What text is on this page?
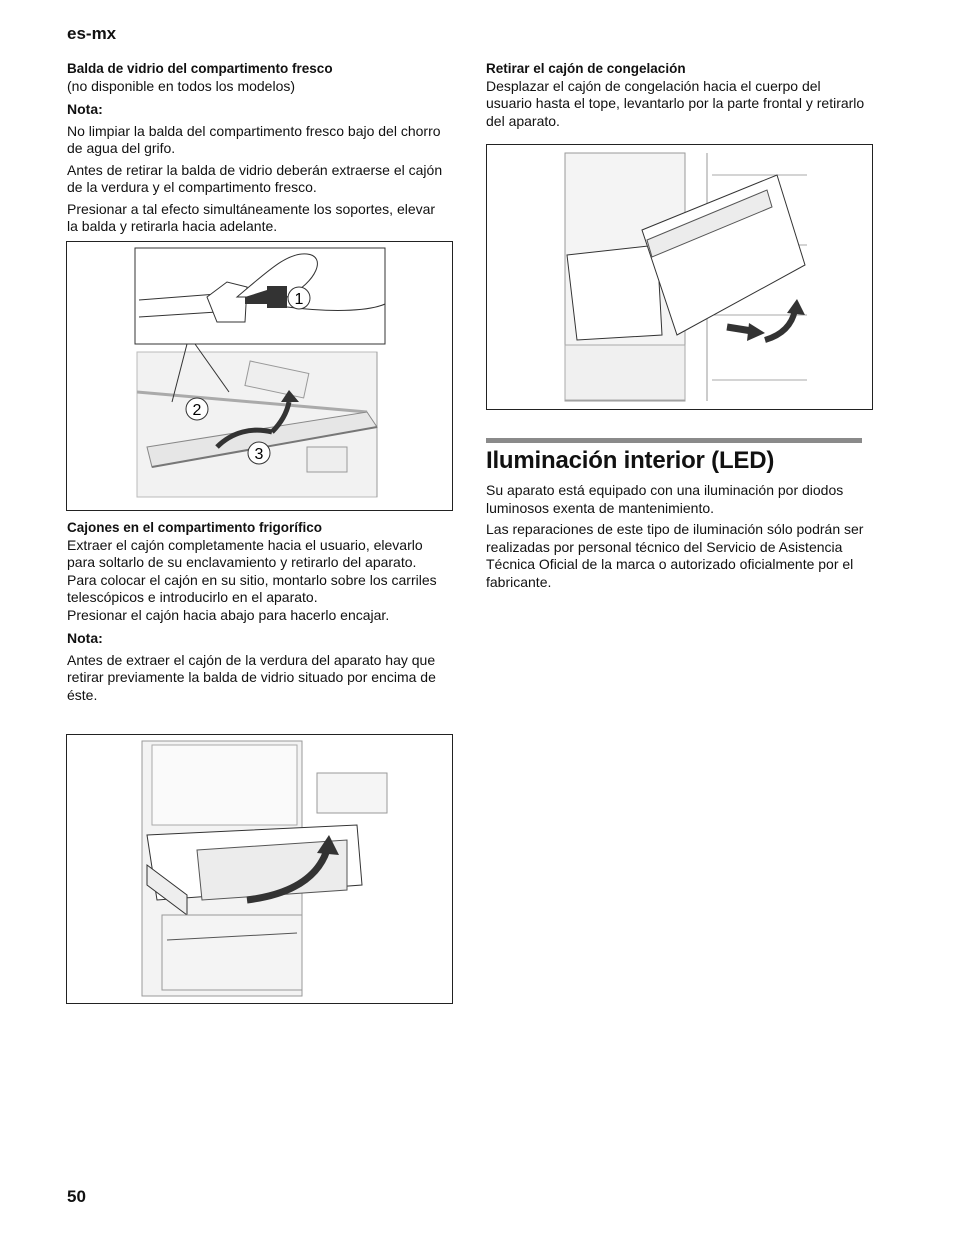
es-mx
Balda de vidrio del compartimento fresco

(no disponible en todos los modelos)

Nota:

No limpiar la balda del compartimento fresco bajo del chorro de agua del grifo.

Antes de retirar la balda de vidrio deberán extraerse el cajón de la verdura y el compartimento fresco.

Presionar a tal efecto simultáneamente los soportes, elevar la balda y retirarla hacia adelante.

1
2
3
Cajones en el compartimento frigorífico

Extraer el cajón completamente hacia el usuario, elevarlo para soltarlo de su enclavamiento y retirarlo del aparato.

Para colocar el cajón en su sitio, montarlo sobre los carriles telescópicos e introducirlo en el aparato.

Presionar el cajón hacia abajo para hacerlo encajar.

Nota:

Antes de extraer el cajón de la verdura del aparato hay que retirar previamente la balda de vidrio situado por encima de éste.

Retirar el cajón de congelación

Desplazar el cajón de congelación hacia el cuerpo del usuario hasta el tope, levantarlo por la parte frontal y retirarlo del aparato.

Iluminación interior (LED)

Su aparato está equipado con una iluminación por diodos luminosos exenta de mantenimiento.

Las reparaciones de este tipo de iluminación sólo podrán ser realizadas por personal técnico del Servicio de Asistencia Técnica Oficial de la marca o autorizado oficialmente por el fabricante.

50
